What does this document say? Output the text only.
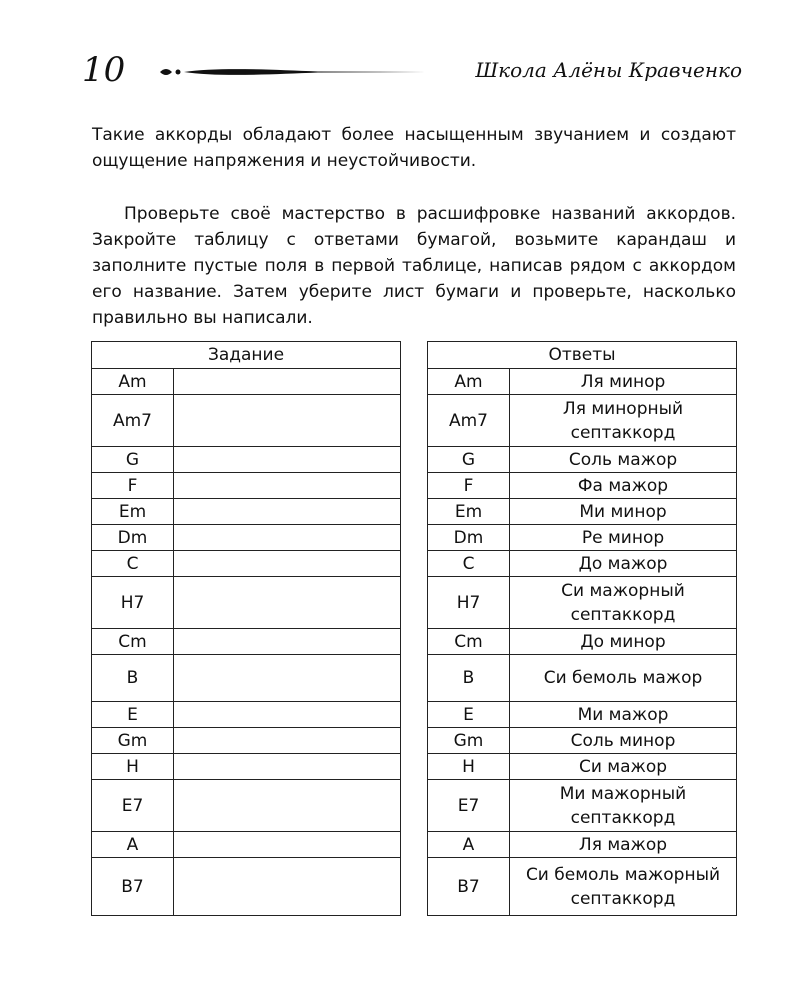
10	Школа Алёны Кравченко

Такие аккорды обладают более насыщенным звучанием и создают ощущение напряжения и неустойчивости.

Проверьте своё мастерство в расшифровке названий аккордов. Закройте таблицу с ответами бумагой, возьмите карандаш и заполните пустые поля в первой таблице, написав рядом с аккордом его название. Затем уберите лист бумаги и проверьте, насколько правильно вы написали.

Задание	
Am	
Am7	
G	
F	
Em	
Dm	
C	
H7	
Cm	
B	
E	
Gm	
H	
E7	
A	
B7	
Ответы	
Am	Ля минор
Am7	Ля минорный септаккорд
G	Соль мажор
F	Фа мажор
Em	Ми минор
Dm	Ре минор
C	До мажор
H7	Си мажорный септаккорд
Cm	До минор
B	Си бемоль мажор
E	Ми мажор
Gm	Соль минор
H	Си мажор
E7	Ми мажорный септаккорд
A	Ля мажор
B7	Си бемоль мажорный септаккорд
